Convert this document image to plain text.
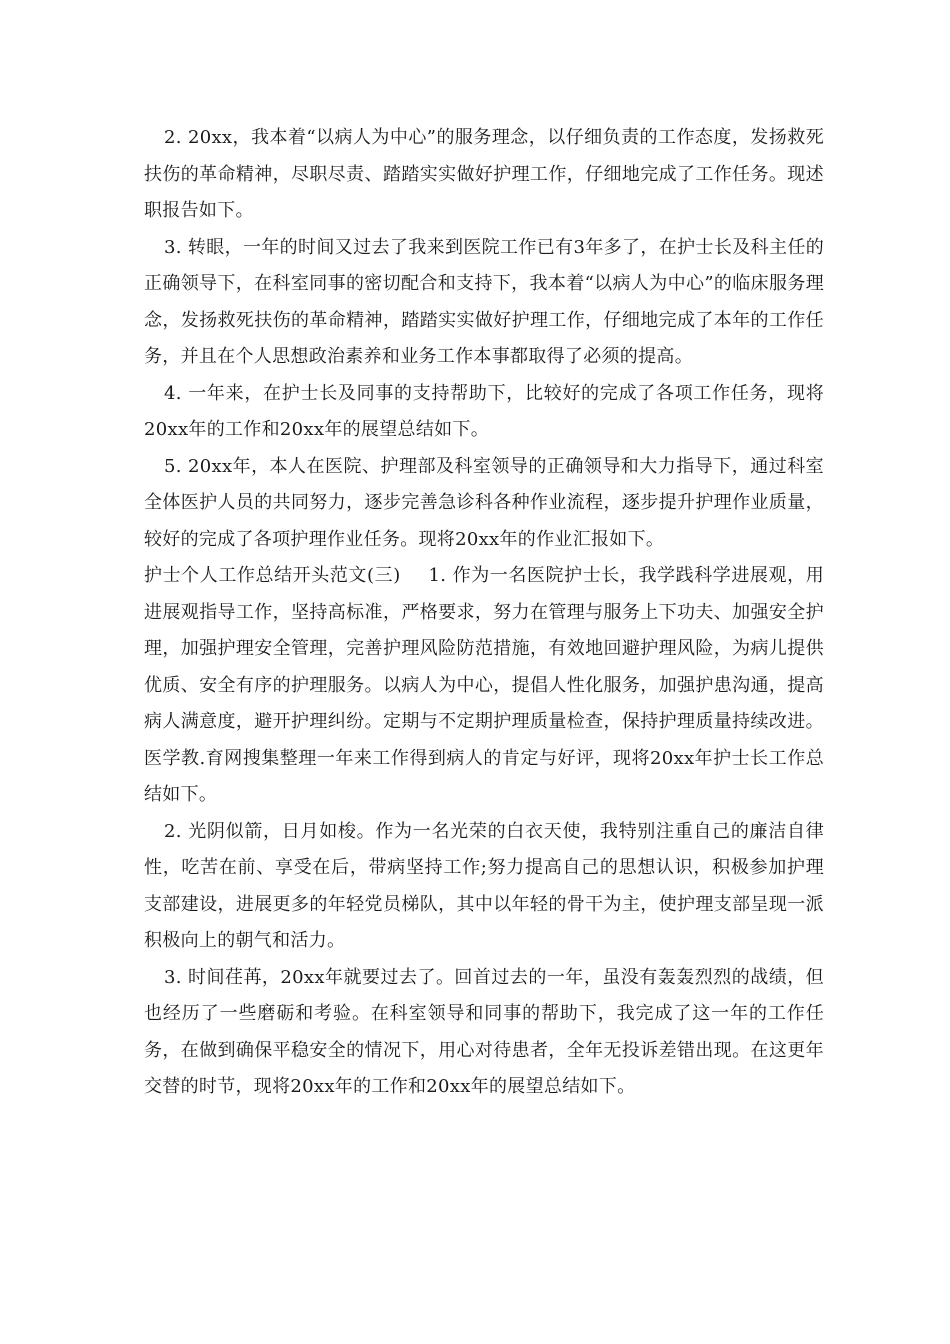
2. 20xx，我本着“以病人为中心”的服务理念，以仔细负责的工作态度，发扬救死扶伤的革命精神，尽职尽责、踏踏实实做好护理工作，仔细地完成了工作任务。现述职报告如下。

3. 转眼，一年的时间又过去了我来到医院工作已有3年多了，在护士长及科主任的正确领导下，在科室同事的密切配合和支持下，我本着“以病人为中心”的临床服务理念，发扬救死扶伤的革命精神，踏踏实实做好护理工作，仔细地完成了本年的工作任务，并且在个人思想政治素养和业务工作本事都取得了必须的提高。

4. 一年来，在护士长及同事的支持帮助下，比较好的完成了各项工作任务，现将20xx年的工作和20xx年的展望总结如下。

5. 20xx年，本人在医院、护理部及科室领导的正确领导和大力指导下，通过科室全体医护人员的共同努力，逐步完善急诊科各种作业流程，逐步提升护理作业质量，较好的完成了各项护理作业任务。现将20xx年的作业汇报如下。

护士个人工作总结开头范文(三) 1. 作为一名医院护士长，我学践科学进展观，用进展观指导工作，坚持高标准，严格要求，努力在管理与服务上下功夫、加强安全护理，加强护理安全管理，完善护理风险防范措施，有效地回避护理风险，为病儿提供优质、安全有序的护理服务。以病人为中心，提倡人性化服务，加强护患沟通，提高病人满意度，避开护理纠纷。定期与不定期护理质量检查，保持护理质量持续改进。医学教.育网搜集整理一年来工作得到病人的肯定与好评，现将20xx年护士长工作总结如下。

2. 光阴似箭，日月如梭。作为一名光荣的白衣天使，我特别注重自己的廉洁自律性，吃苦在前、享受在后，带病坚持工作;努力提高自己的思想认识，积极参加护理支部建设，进展更多的年轻党员梯队，其中以年轻的骨干为主，使护理支部呈现一派积极向上的朝气和活力。

3. 时间荏苒，20xx年就要过去了。回首过去的一年，虽没有轰轰烈烈的战绩，但也经历了一些磨砺和考验。在科室领导和同事的帮助下，我完成了这一年的工作任务，在做到确保平稳安全的情况下，用心对待患者，全年无投诉差错出现。在这更年交替的时节，现将20xx年的工作和20xx年的展望总结如下。
